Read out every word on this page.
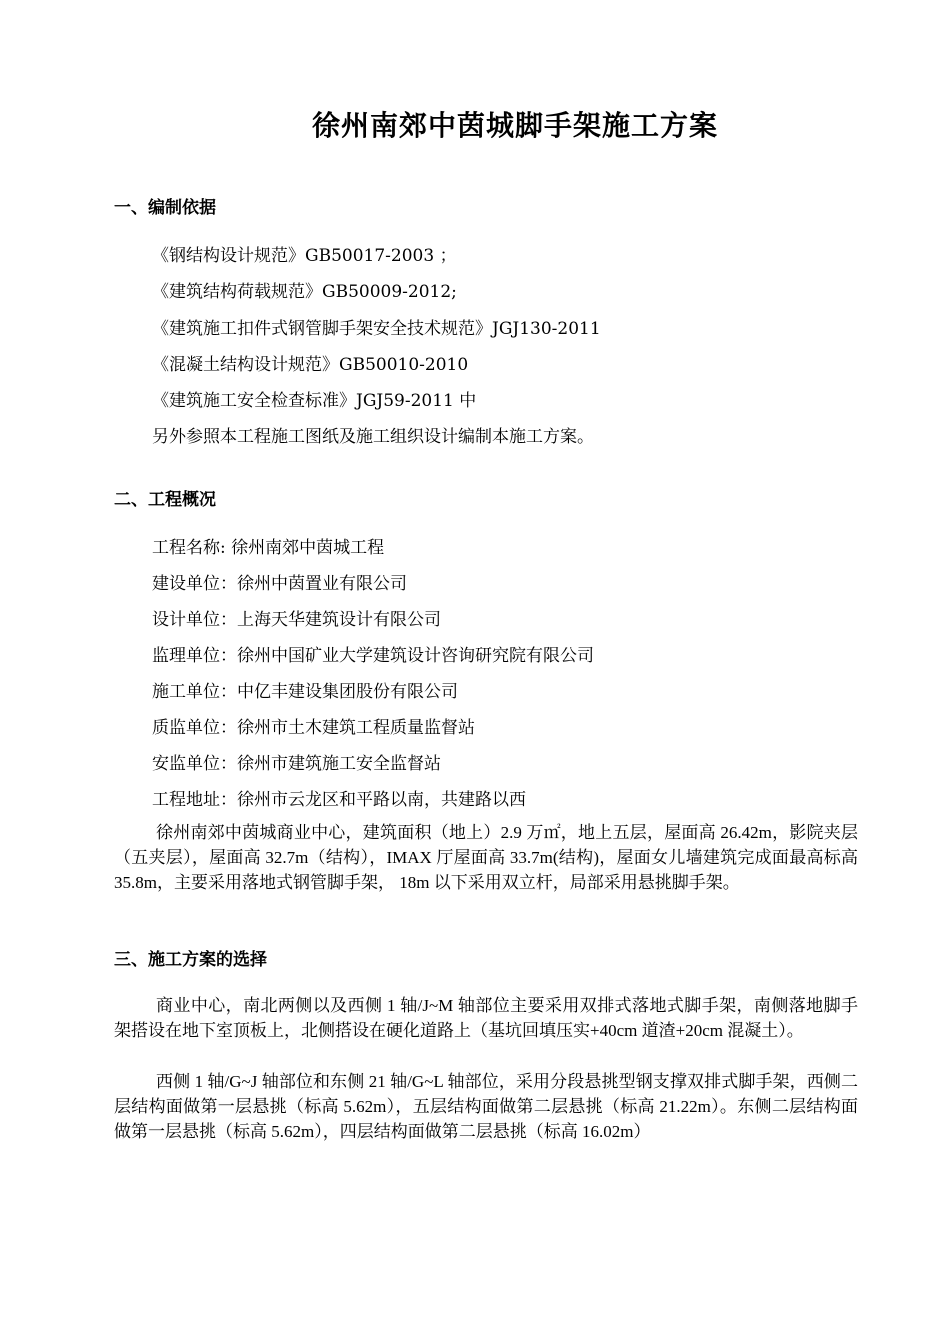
徐州南郊中茵城脚手架施工方案
一、编制依据
《钢结构设计规范》GB50017-2003 ；
《建筑结构荷载规范》GB50009-2012;
《建筑施工扣件式钢管脚手架安全技术规范》JGJ130-2011
《混凝土结构设计规范》GB50010-2010
《建筑施工安全检查标准》JGJ59-2011 中
另外参照本工程施工图纸及施工组织设计编制本施工方案。
二、工程概况
工程名称: 徐州南郊中茵城工程
建设单位：徐州中茵置业有限公司
设计单位：上海天华建筑设计有限公司
监理单位：徐州中国矿业大学建筑设计咨询研究院有限公司
施工单位：中亿丰建设集团股份有限公司
质监单位：徐州市土木建筑工程质量监督站
安监单位：徐州市建筑施工安全监督站
工程地址：徐州市云龙区和平路以南，共建路以西
徐州南郊中茵城商业中心，建筑面积（地上）2.9 万㎡，地上五层，屋面高 26.42m，影院夹层（五夹层），屋面高 32.7m（结构），IMAX 厅屋面高 33.7m(结构)，屋面女儿墙建筑完成面最高标高 35.8m，主要采用落地式钢管脚手架， 18m 以下采用双立杆，局部采用悬挑脚手架。
三、施工方案的选择
商业中心，南北两侧以及西侧 1 轴/J~M 轴部位主要采用双排式落地式脚手架，南侧落地脚手架搭设在地下室顶板上，北侧搭设在硬化道路上（基坑回填压实+40cm 道渣+20cm 混凝土）。
西侧 1 轴/G~J 轴部位和东侧 21 轴/G~L 轴部位，采用分段悬挑型钢支撑双排式脚手架，西侧二层结构面做第一层悬挑（标高 5.62m），五层结构面做第二层悬挑（标高 21.22m）。东侧二层结构面做第一层悬挑（标高 5.62m），四层结构面做第二层悬挑（标高 16.02m）
